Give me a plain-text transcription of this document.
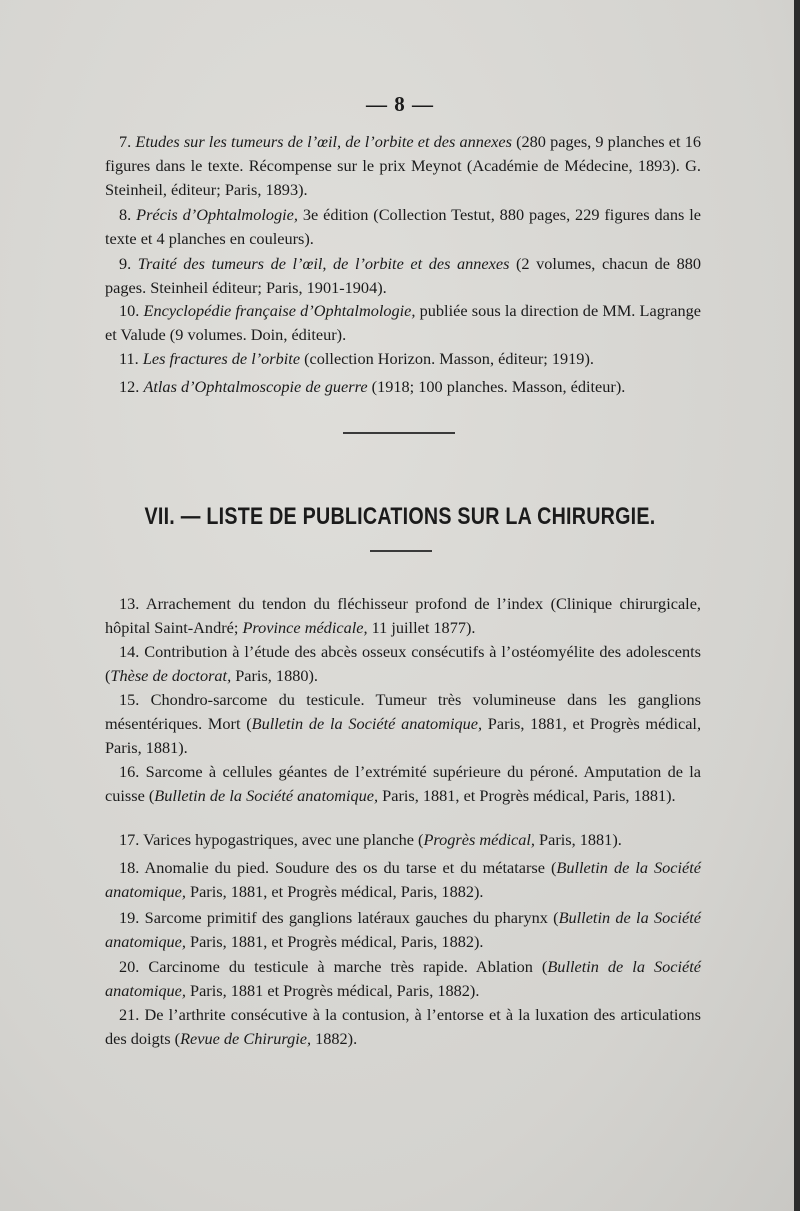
— 8 —
7. Etudes sur les tumeurs de l’œil, de l’orbite et des annexes (280 pages, 9 planches et 16 figures dans le texte. Récompense sur le prix Meynot (Académie de Médecine, 1893). G. Steinheil, éditeur; Paris, 1893).
8. Précis d’Ophtalmologie, 3e édition (Collection Testut, 880 pages, 229 figures dans le texte et 4 planches en couleurs).
9. Traité des tumeurs de l’œil, de l’orbite et des annexes (2 volumes, chacun de 880 pages. Steinheil éditeur; Paris, 1901-1904).
10. Encyclopédie française d’Ophtalmologie, publiée sous la direction de MM. Lagrange et Valude (9 volumes. Doin, éditeur).
11. Les fractures de l’orbite (collection Horizon. Masson, éditeur; 1919).
12. Atlas d’Ophtalmoscopie de guerre (1918; 100 planches. Masson, éditeur).
VII. — LISTE DE PUBLICATIONS SUR LA CHIRURGIE.
13. Arrachement du tendon du fléchisseur profond de l’index (Clinique chirurgicale, hôpital Saint-André; Province médicale, 11 juillet 1877).
14. Contribution à l’étude des abcès osseux consécutifs à l’ostéomyélite des adolescents (Thèse de doctorat, Paris, 1880).
15. Chondro-sarcome du testicule. Tumeur très volumineuse dans les ganglions mésentériques. Mort (Bulletin de la Société anatomique, Paris, 1881, et Progrès médical, Paris, 1881).
16. Sarcome à cellules géantes de l’extrémité supérieure du péroné. Amputation de la cuisse (Bulletin de la Société anatomique, Paris, 1881, et Progrès médical, Paris, 1881).
17. Varices hypogastriques, avec une planche (Progrès médical, Paris, 1881).
18. Anomalie du pied. Soudure des os du tarse et du métatarse (Bulletin de la Société anatomique, Paris, 1881, et Progrès médical, Paris, 1882).
19. Sarcome primitif des ganglions latéraux gauches du pharynx (Bulletin de la Société anatomique, Paris, 1881, et Progrès médical, Paris, 1882).
20. Carcinome du testicule à marche très rapide. Ablation (Bulletin de la Société anatomique, Paris, 1881 et Progrès médical, Paris, 1882).
21. De l’arthrite consécutive à la contusion, à l’entorse et à la luxation des articulations des doigts (Revue de Chirurgie, 1882).
